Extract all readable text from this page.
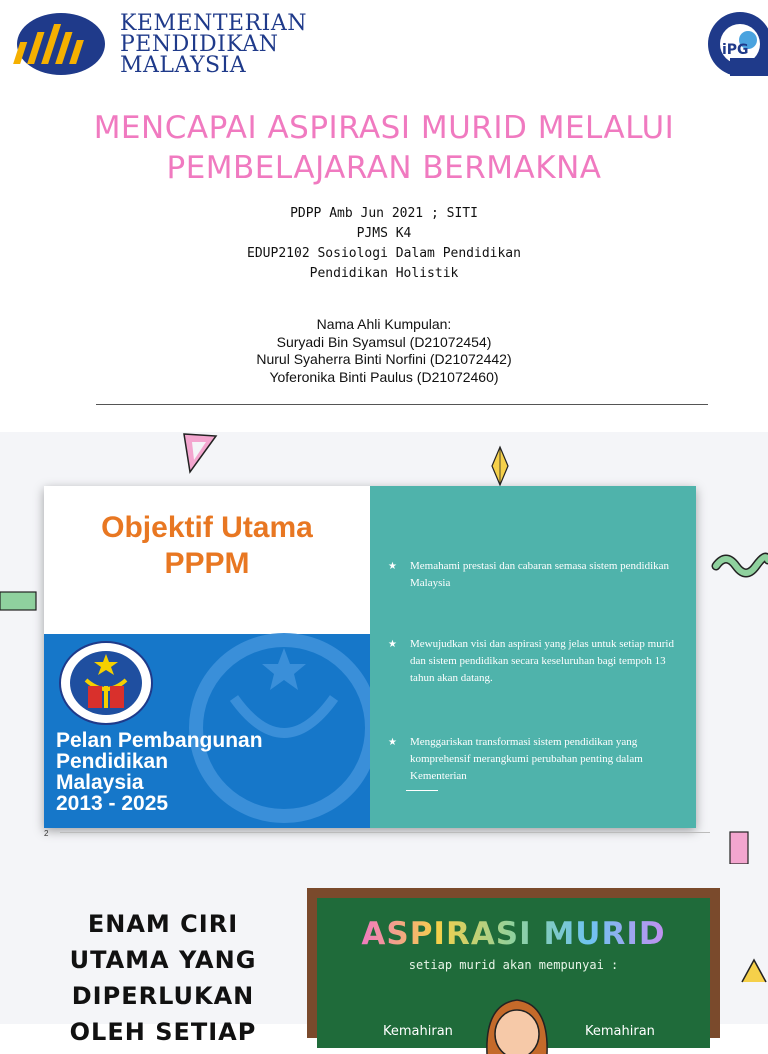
KEMENTERIAN
PENDIDIKAN
MALAYSIA
iPG
MENCAPAI ASPIRASI MURID MELALUI
PEMBELAJARAN BERMAKNA
PDPP Amb Jun 2021 ; SITI
PJMS K4
EDUP2102 Sosiologi Dalam Pendidikan
Pendidikan Holistik
Nama Ahli Kumpulan:
Suryadi Bin Syamsul (D21072454)
Nurul Syaherra Binti Norfini (D21072442)
Yoferonika Binti Paulus (D21072460)
Objektif Utama
PPPM
Pelan Pembangunan
Pendidikan
Malaysia
2013 - 2025
★	Memahami prestasi dan cabaran semasa sistem pendidikan Malaysia
★	Mewujudkan visi dan aspirasi yang jelas untuk setiap murid dan sistem pendidikan secara keseluruhan bagi tempoh 13 tahun akan datang.
★	Menggariskan transformasi sistem pendidikan yang komprehensif merangkumi perubahan penting dalam Kementerian
2
ENAM CIRI
UTAMA YANG
DIPERLUKAN
OLEH SETIAP
ASPIRASI MURID
setiap murid akan mempunyai :
Kemahiran	Kemahiran
